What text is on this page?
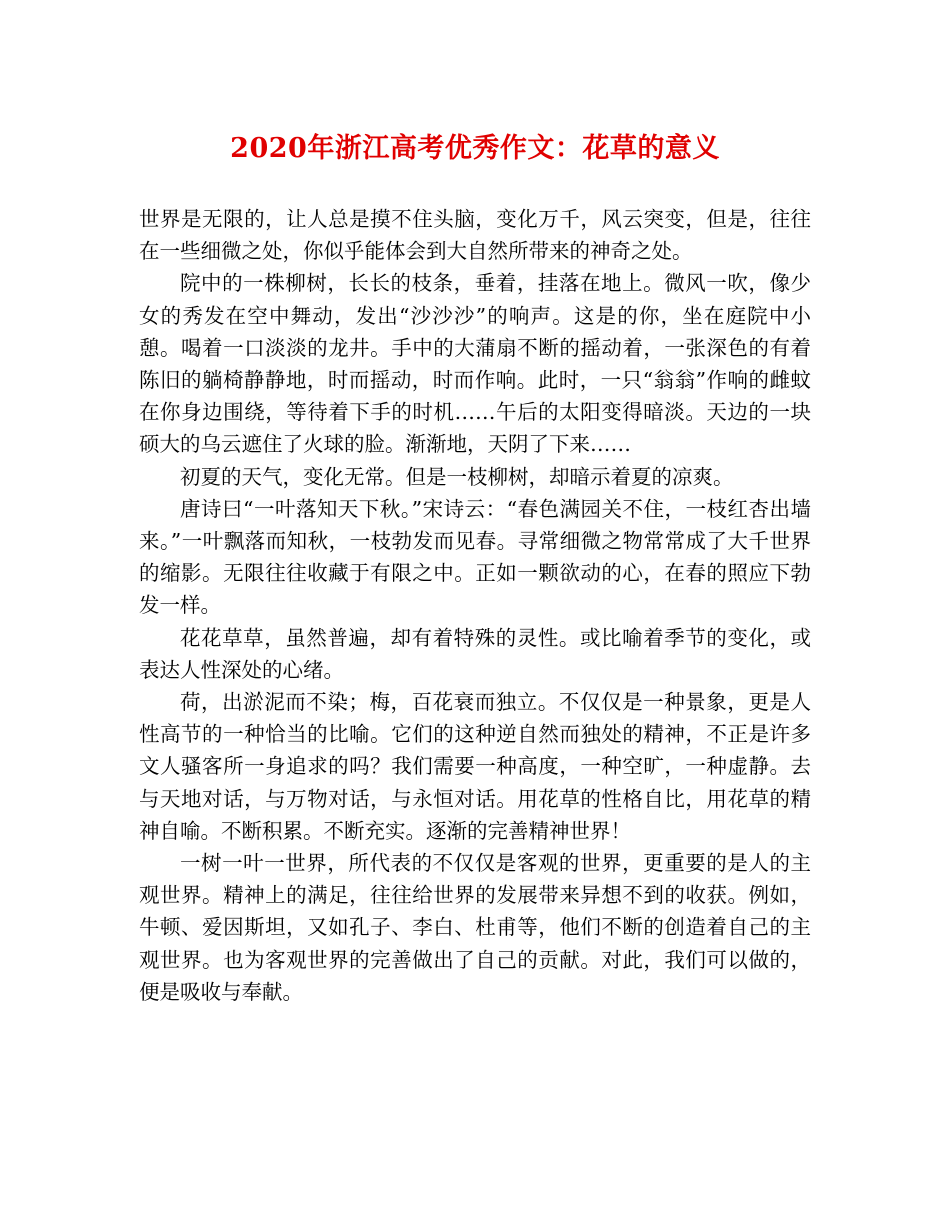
2020年浙江高考优秀作文：花草的意义

世界是无限的，让人总是摸不住头脑，变化万千，风云突变，但是，往往在一些细微之处，你似乎能体会到大自然所带来的神奇之处。

院中的一株柳树，长长的枝条，垂着，挂落在地上。微风一吹，像少女的秀发在空中舞动，发出“沙沙沙”的响声。这是的你，坐在庭院中小憩。喝着一口淡淡的龙井。手中的大蒲扇不断的摇动着，一张深色的有着陈旧的躺椅静静地，时而摇动，时而作响。此时，一只“翁翁”作响的雌蚊在你身边围绕，等待着下手的时机……午后的太阳变得暗淡。天边的一块硕大的乌云遮住了火球的脸。渐渐地，天阴了下来……

初夏的天气，变化无常。但是一枝柳树，却暗示着夏的凉爽。

唐诗曰“一叶落知天下秋。”宋诗云：“春色满园关不住，一枝红杏出墙来。”一叶飘落而知秋，一枝勃发而见春。寻常细微之物常常成了大千世界的缩影。无限往往收藏于有限之中。正如一颗欲动的心，在春的照应下勃发一样。

花花草草，虽然普遍，却有着特殊的灵性。或比喻着季节的变化，或表达人性深处的心绪。

荷，出淤泥而不染；梅，百花衰而独立。不仅仅是一种景象，更是人性高节的一种恰当的比喻。它们的这种逆自然而独处的精神，不正是许多文人骚客所一身追求的吗？我们需要一种高度，一种空旷，一种虚静。去与天地对话，与万物对话，与永恒对话。用花草的性格自比，用花草的精神自喻。不断积累。不断充实。逐渐的完善精神世界！

一树一叶一世界，所代表的不仅仅是客观的世界，更重要的是人的主观世界。精神上的满足，往往给世界的发展带来异想不到的收获。例如，牛顿、爱因斯坦，又如孔子、李白、杜甫等，他们不断的创造着自己的主观世界。也为客观世界的完善做出了自己的贡献。对此，我们可以做的，便是吸收与奉献。
